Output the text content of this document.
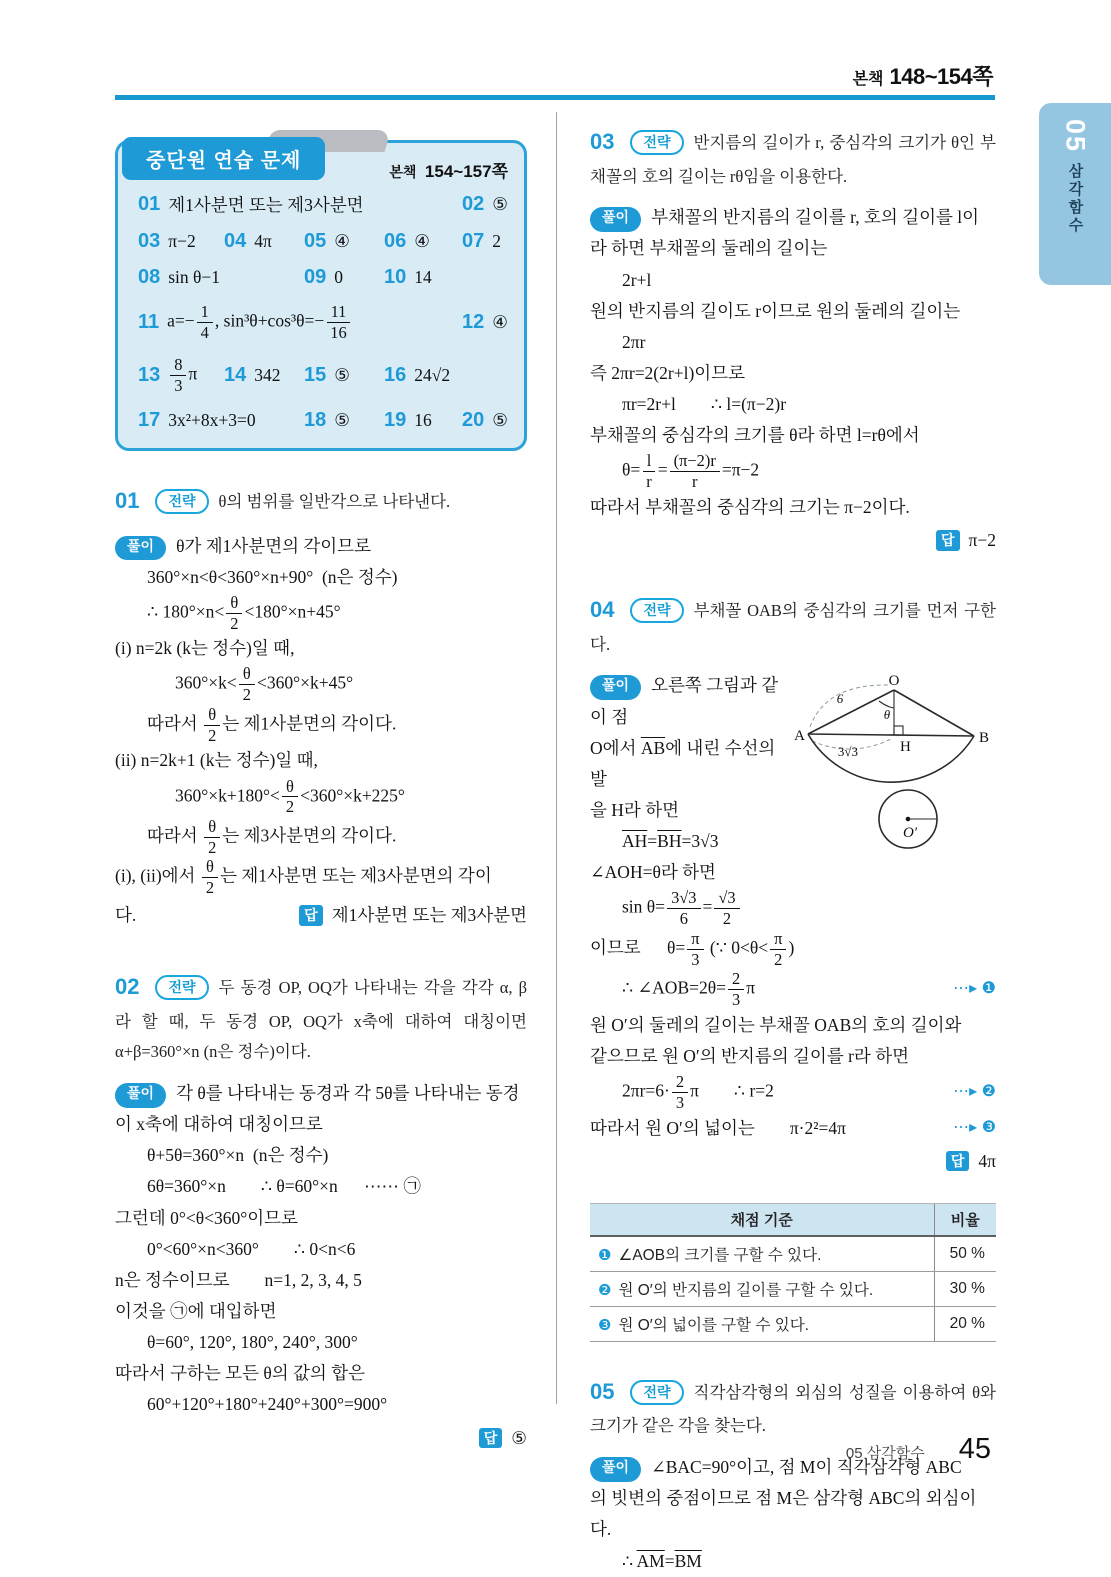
본책 148~154쪽
05
삼각함수
05 삼각함수 45
중단원 연습 문제	본책 154~157쪽
01 제1사분면 또는 제3사분면	02 ⑤
03 π−2 04 4π 05 ④ 06 ④ 07 2
08 sin θ−1	09 0 10 14
11 $a=- \frac{1}{4}$ , $\sin^3\theta+\cos^3\theta=- \frac{11}{16}$	12 ④
$13 \frac{8}{3}$ π 14 342 15 ⑤ 16 24√2
17 3x²+8x+3=0 18 ⑤ 19 16 20 ⑤

01 전략 θ의 범위를 일반각으로 나타낸다.

풀이 θ가 제1사분면의 각이므로
360°×n<θ<360°×n+90°  (n은 정수)
∴ $180^\circ\times n< \frac{\theta}{2} <180^\circ\times n+45^\circ$
(i) n=2k (k는 정수)일 때,
$360^\circ\times k< \frac{\theta}{2} <360^\circ\times k+45^\circ$
따라서 $\frac{\theta}{2}$ 는 제1사분면의 각이다.
(ii) n=2k+1 (k는 정수)일 때,
$360^\circ\times k+180^\circ< \frac{\theta}{2} <360^\circ\times k+225^\circ$
따라서 $\frac{\theta}{2}$ 는 제3사분면의 각이다.
(i), (ii)에서 $\frac{\theta}{2}$ 는 제1사분면 또는 제3사분면의 각이
다.	답 제1사분면 또는 제3사분면

02 전략 두 동경 OP, OQ가 나타내는 각을 각각 α, β라 할 때, 두 동경 OP, OQ가 x축에 대하여 대칭이면 α+β=360°×n (n은 정수)이다.

풀이 각 θ를 나타내는 동경과 각 5θ를 나타내는 동경
이 x축에 대하여 대칭이므로
θ+5θ=360°×n  (n은 정수)
6θ=360°×n        ∴ θ=60°×n      ⋯⋯ ㉠
그런데 0°<θ<360°이므로
0°<60°×n<360°        ∴ 0<n<6
n은 정수이므로        n=1, 2, 3, 4, 5
이것을 ㉠에 대입하면
θ=60°, 120°, 180°, 240°, 300°
따라서 구하는 모든 θ의 값의 합은
60°+120°+180°+240°+300°=900°
답 ⑤

03 전략 반지름의 길이가 r, 중심각의 크기가 θ인 부채꼴의 호의 길이는 rθ임을 이용한다.

풀이 부채꼴의 반지름의 길이를 r, 호의 길이를 l이
라 하면 부채꼴의 둘레의 길이는
2r+l
원의 반지름의 길이도 r이므로 원의 둘레의 길이는
2πr
즉 2πr=2(2r+l)이므로
πr=2r+l        ∴ l=(π−2)r
부채꼴의 중심각의 크기를 θ라 하면 l=rθ에서
$\theta= \frac{l}{r} = \frac{(\pi-2)r}{r} =\pi-2$
따라서 부채꼴의 중심각의 크기는 π−2이다.
답 π−2

04 전략 부채꼴 OAB의 중심각의 크기를 먼저 구한다.

O
A	B
H
θ
6
3√3
O′
풀이 오른쪽 그림과 같이 점
O에서 $\overline{AB}$에 내린 수선의 발
을 H라 하면
$\overline{AH}=\overline{BH}=3√3$
∠AOH=θ라 하면
$\sin \theta= \frac{3√3}{6} = \frac{√3}{2}$
이므로      $\theta= \frac{\pi}{3}$ (∵ $0<\theta< \frac{\pi}{2}$ )
∴ ∠AOB=2θ= $\frac{2}{3}$ π	⋯▸ ❶
원 O′의 둘레의 길이는 부채꼴 OAB의 호의 길이와
같으므로 원 O′의 반지름의 길이를 r라 하면
$2\pi r=6\cdot \frac{2}{3}$ π        ∴ r=2	⋯▸ ❷
따라서 원 O′의 넓이는        π·2²=4π	⋯▸ ❸
답 4π
채점 기준	비율
❶ ∠AOB의 크기를 구할 수 있다.	50 %
❷ 원 O′의 반지름의 길이를 구할 수 있다.	30 %
❸ 원 O′의 넓이를 구할 수 있다.	20 %

05 전략 직각삼각형의 외심의 성질을 이용하여 θ와 크기가 같은 각을 찾는다.

풀이 ∠BAC=90°이고, 점 M이 직각삼각형 ABC
의 빗변의 중점이므로 점 M은 삼각형 ABC의 외심이
다.
∴ $\overline{AM}=\overline{BM}$
